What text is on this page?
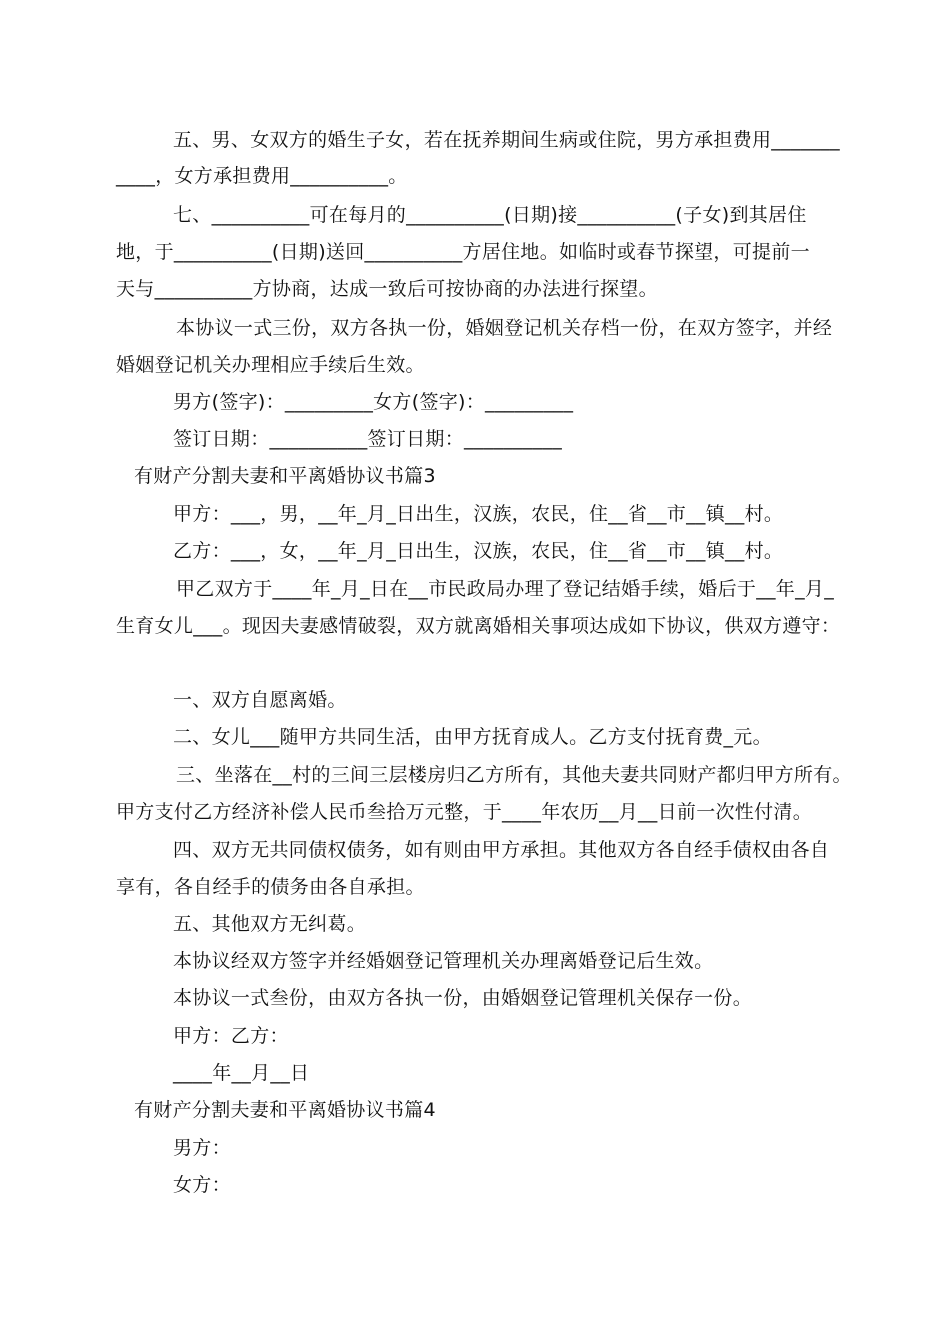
五、男、女双方的婚生子女，若在抚养期间生病或住院，男方承担费用_______
____，女方承担费用__________。
七、__________可在每月的__________(日期)接__________(子女)到其居住
地，于__________(日期)送回__________方居住地。如临时或春节探望，可提前一
天与__________方协商，达成一致后可按协商的办法进行探望。
本协议一式三份，双方各执一份，婚姻登记机关存档一份，在双方签字，并经
婚姻登记机关办理相应手续后生效。
男方(签字)：_________女方(签字)：_________
签订日期：__________签订日期：__________
有财产分割夫妻和平离婚协议书篇3
甲方：___，男，__年_月_日出生，汉族，农民，住__省__市__镇__村。
乙方：___，女，__年_月_日出生，汉族，农民，住__省__市__镇__村。
甲乙双方于____年_月_日在__市民政局办理了登记结婚手续，婚后于__年_月_
生育女儿___。现因夫妻感情破裂，双方就离婚相关事项达成如下协议，供双方遵守：
一、双方自愿离婚。
二、女儿___随甲方共同生活，由甲方抚育成人。乙方支付抚育费_元。
三、坐落在__村的三间三层楼房归乙方所有，其他夫妻共同财产都归甲方所有。
甲方支付乙方经济补偿人民币叁拾万元整，于____年农历__月__日前一次性付清。
四、双方无共同债权债务，如有则由甲方承担。其他双方各自经手债权由各自
享有，各自经手的债务由各自承担。
五、其他双方无纠葛。
本协议经双方签字并经婚姻登记管理机关办理离婚登记后生效。
本协议一式叁份，由双方各执一份，由婚姻登记管理机关保存一份。
甲方：乙方：
____年__月__日
有财产分割夫妻和平离婚协议书篇4
男方：
女方：
